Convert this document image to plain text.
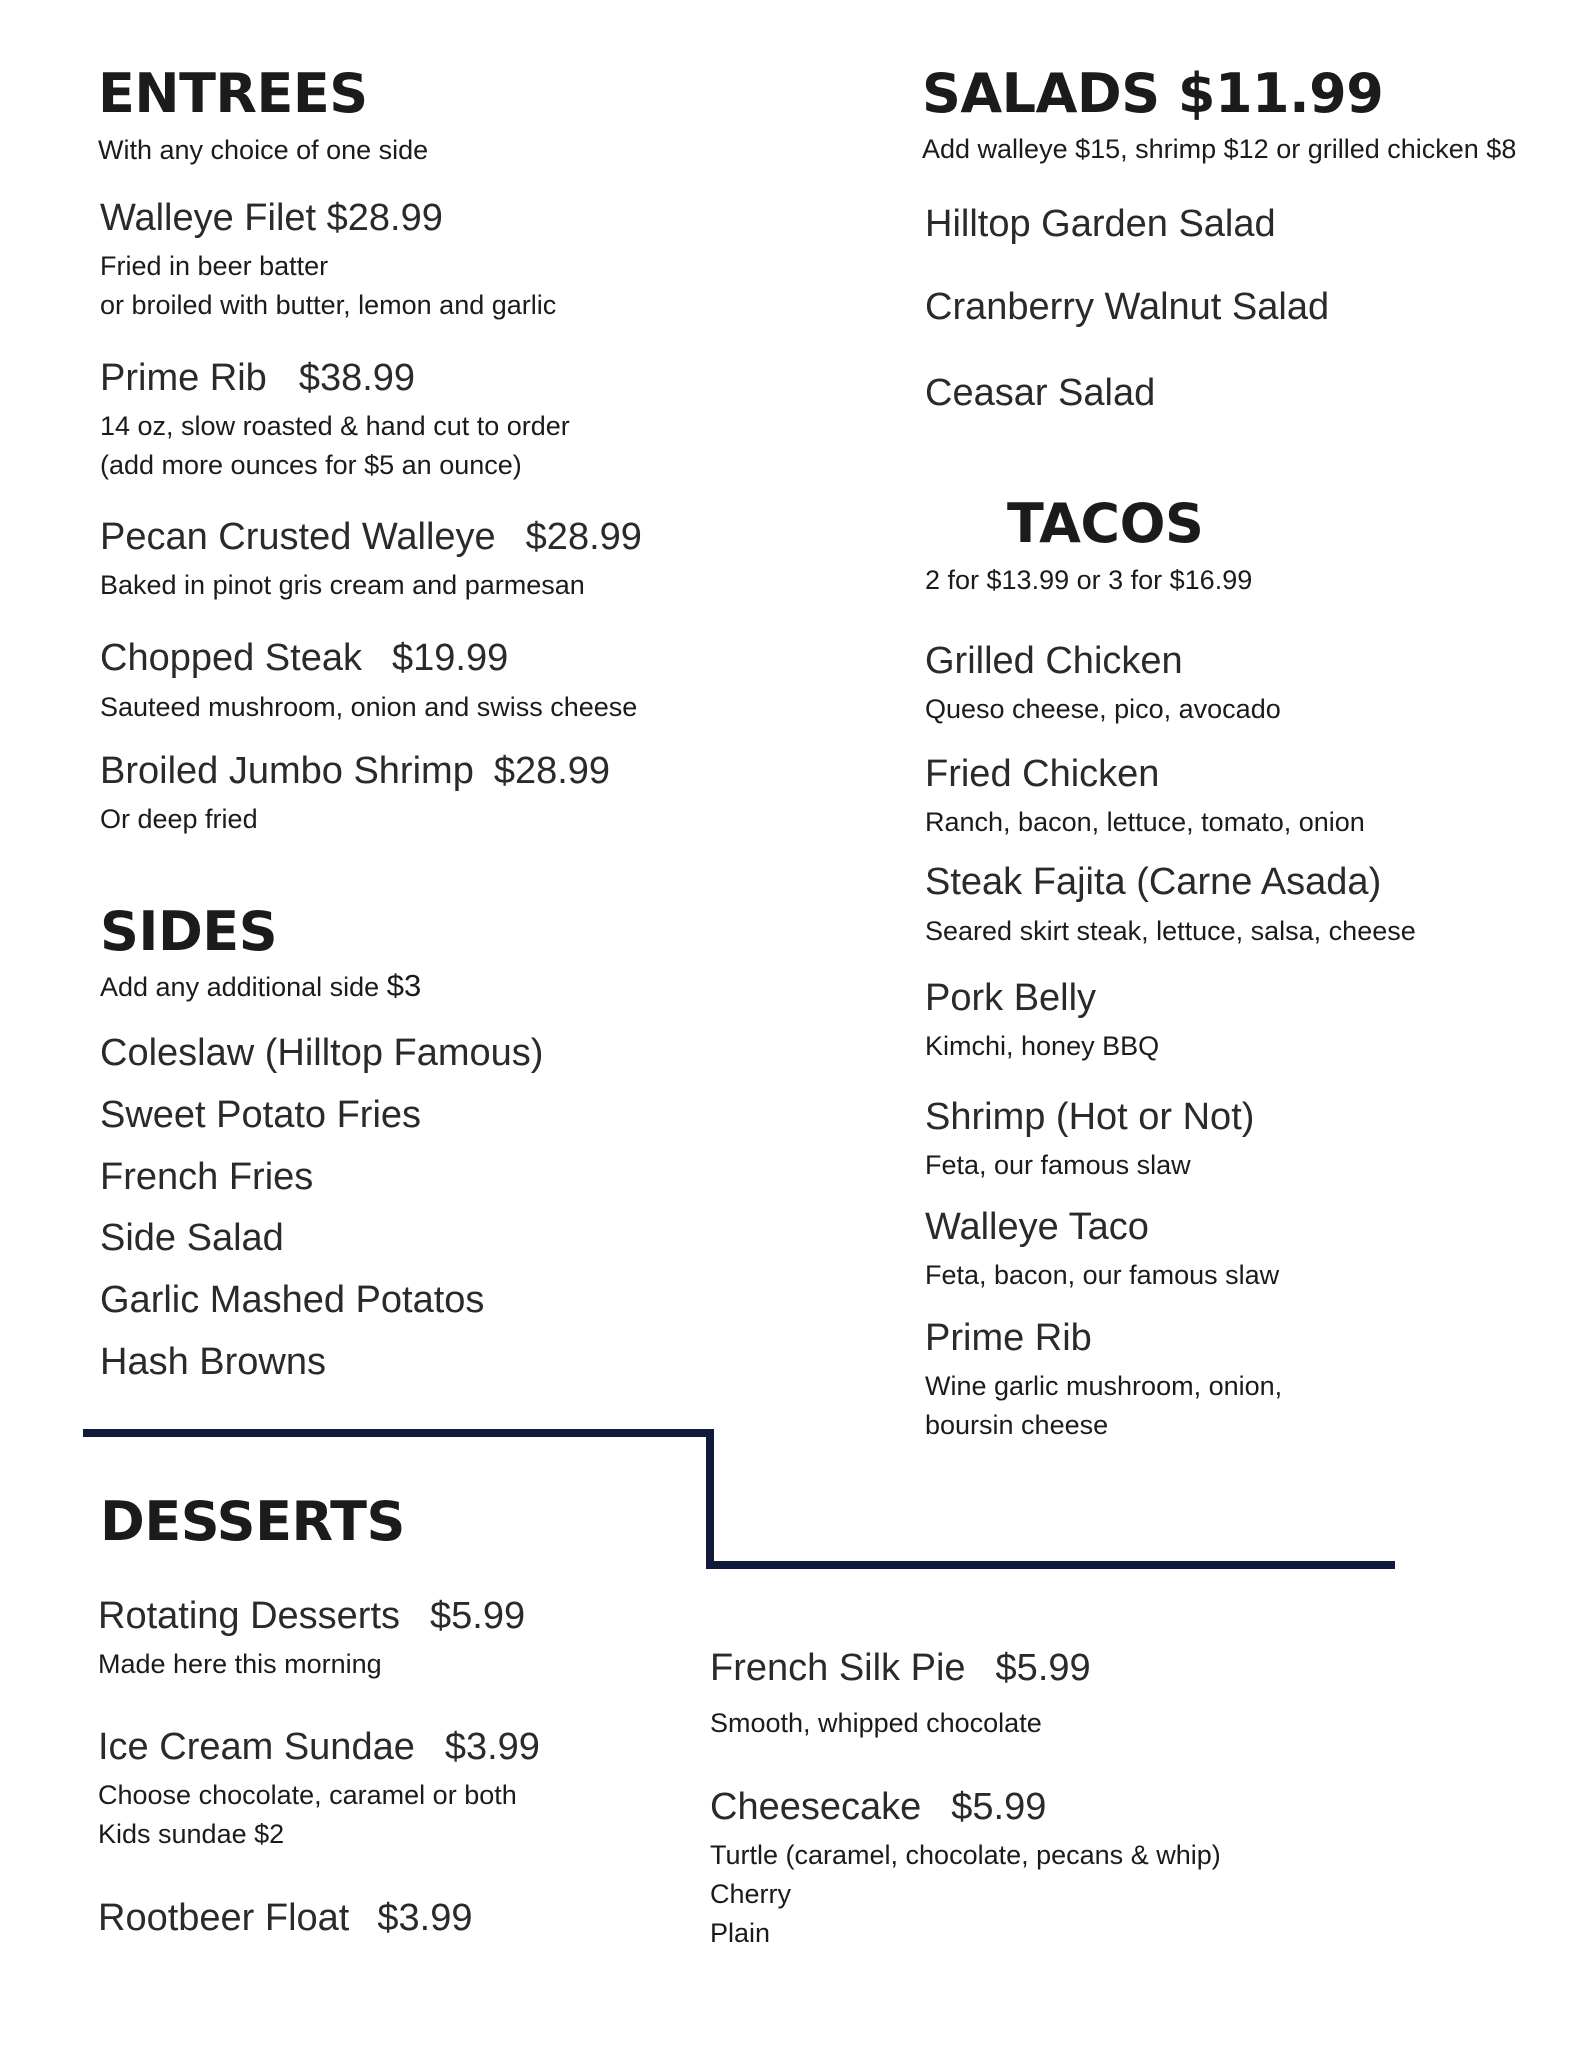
ENTREES
With any choice of one side
Walleye Filet $28.99
Fried in beer batter
or broiled with butter, lemon and garlic
Prime Rib $38.99
14 oz, slow roasted & hand cut to order
(add more ounces for $5 an ounce)
Pecan Crusted Walleye $28.99
Baked in pinot gris cream and parmesan
Chopped Steak $19.99
Sauteed mushroom, onion and swiss cheese
Broiled Jumbo Shrimp $28.99
Or deep fried
SIDES
Add any additional side $3
Coleslaw (Hilltop Famous)
Sweet Potato Fries
French Fries
Side Salad
Garlic Mashed Potatos
Hash Browns
SALADS $11.99
Add walleye $15, shrimp $12 or grilled chicken $8
Hilltop Garden Salad
Cranberry Walnut Salad
Ceasar Salad
TACOS
2 for $13.99 or 3 for $16.99
Grilled Chicken
Queso cheese, pico, avocado
Fried Chicken
Ranch, bacon, lettuce, tomato, onion
Steak Fajita (Carne Asada)
Seared skirt steak, lettuce, salsa, cheese
Pork Belly
Kimchi, honey BBQ
Shrimp (Hot or Not)
Feta, our famous slaw
Walleye Taco
Feta, bacon, our famous slaw
Prime Rib
Wine garlic mushroom, onion,
boursin cheese
DESSERTS
Rotating Desserts $5.99
Made here this morning
Ice Cream Sundae $3.99
Choose chocolate, caramel or both
Kids sundae $2
Rootbeer Float $3.99
French Silk Pie $5.99
Smooth, whipped chocolate
Cheesecake $5.99
Turtle (caramel, chocolate, pecans & whip)
Cherry
Plain
